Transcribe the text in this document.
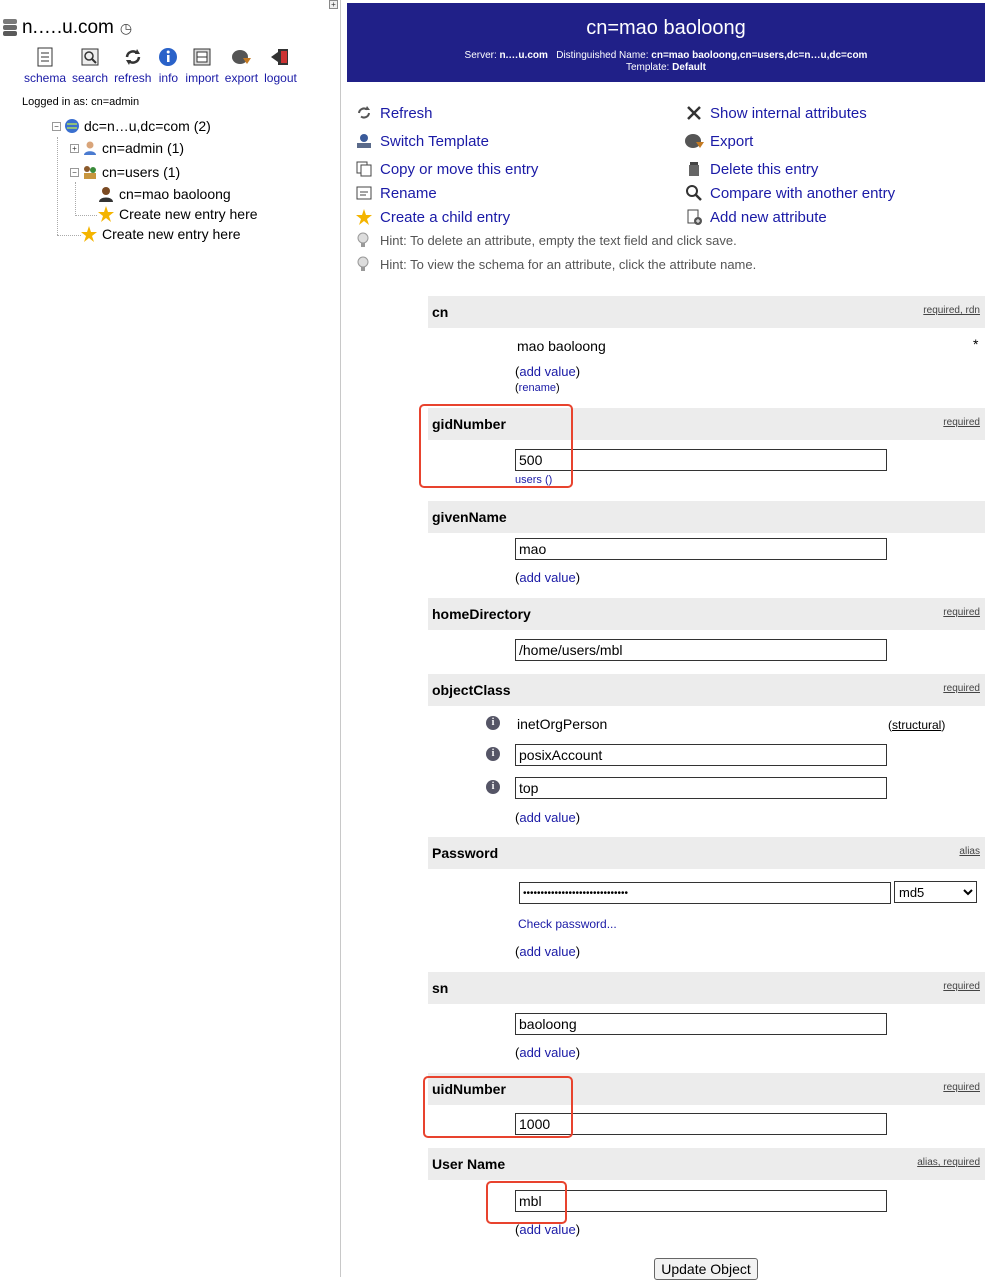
+
n.….u.com ◷
schema search refresh info import export logout
Logged in as: cn=admin
− dc=n…u,dc=com (2)
+ cn=admin (1)
− cn=users (1)
cn=mao baoloong
Create new entry here
Create new entry here
cn=mao baoloong
Server: n.…u.com Distinguished Name: cn=mao baoloong,cn=users,dc=n…u,dc=com
Template: Default
Refresh
Switch Template
Copy or move this entry
Rename
Create a child entry
Show internal attributes
Export
Delete this entry
Compare with another entry
Add new attribute
Hint: To delete an attribute, empty the text field and click save.
Hint: To view the schema for an attribute, click the attribute name.
cn	required, rdn
mao baoloong	*
(add value)
(rename)
gidNumber	required
500
users ()
givenName
mao
(add value)
homeDirectory	required
/home/users/mbl
objectClass	required
i	inetOrgPerson	(structural)
i
posixAccount
i
top
(add value)
Password	alias
••••••••••••••••••••••••••••••
md5
Check password...
(add value)
sn	required
baoloong
(add value)
uidNumber	required
1000
User Name	alias, required
mbl
(add value)
Update Object
